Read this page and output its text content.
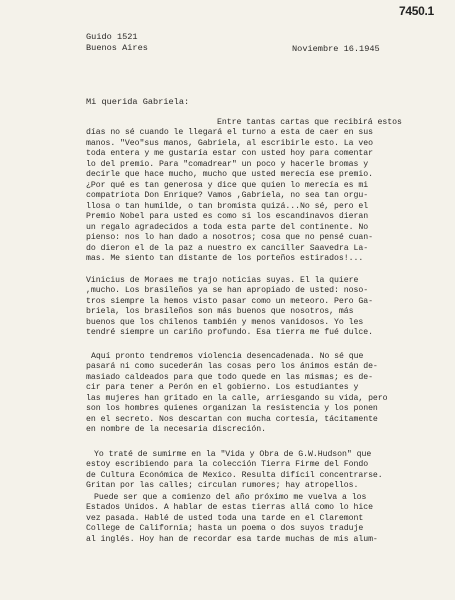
7450.1
Guido 1521
Buenos Aires	Noviembre 16.1945
Mi querida Gabriela:
Entre tantas cartas que recibirá estos
días no sé cuando le llegará el turno a esta de caer en sus
manos. "Veo"sus manos, Gabriela, al escribirle esto. La veo
toda entera y me gustaría estar con usted hoy para comentar
lo del premio. Para "comadrear" un poco y hacerle bromas y
decirle que hace mucho, mucho que usted merecía ese premio.
¿Por qué es tan generosa y dice que quien lo merecía es mi
compatriota Don Enrique? Vamos ,Gabriela, no sea tan orgu-
llosa o tan humilde, o tan bromista quizá...No sé, pero el
Premio Nobel para usted es como si los escandinavos dieran
un regalo agradecidos a toda esta parte del continente. No
pienso: nos lo han dado a nosotros; cosa que no pensé cuan-
do dieron el de la paz a nuestro ex canciller Saavedra La-
mas. Me siento tan distante de los porteños estirados!...
Vinicius de Moraes me trajo noticias suyas. El la quiere
,mucho. Los brasileños ya se han apropiado de usted: noso-
tros siempre la hemos visto pasar como un meteoro. Pero Ga-
briela, los brasileños son más buenos que nosotros, más
buenos que los chilenos también y menos vanidosos. Yo les
tendré siempre un cariño profundo. Esa tierra me fué dulce.
Aquí pronto tendremos violencia desencadenada. No sé que
pasará ni como sucederán las cosas pero los ánimos están de-
masiado caldeados para que todo quede en las mismas; es de-
cir para tener a Perón en el gobierno. Los estudiantes y
las mujeres han gritado en la calle, arriesgando su vida, pero
son los hombres quienes organizan la resistencia y los ponen
en el secreto. Nos descartan con mucha cortesía, tácitamente
en nombre de la necesaria discreción.
Yo traté de sumirme en la "Vida y Obra de G.W.Hudson" que
estoy escribiendo para la colección Tierra Firme del Fondo
de Cultura Económica de Mexico. Resulta difícil concentrarse.
Gritan por las calles; circulan rumores; hay atropellos.
Puede ser que a comienzo del año próximo me vuelva a los
Estados Unidos. A hablar de estas tierras allá como lo hice
vez pasada. Hablé de usted toda una tarde en el Claremont
College de California; hasta un poema o dos suyos traduje
al inglés. Hoy han de recordar esa tarde muchas de mis alum-
